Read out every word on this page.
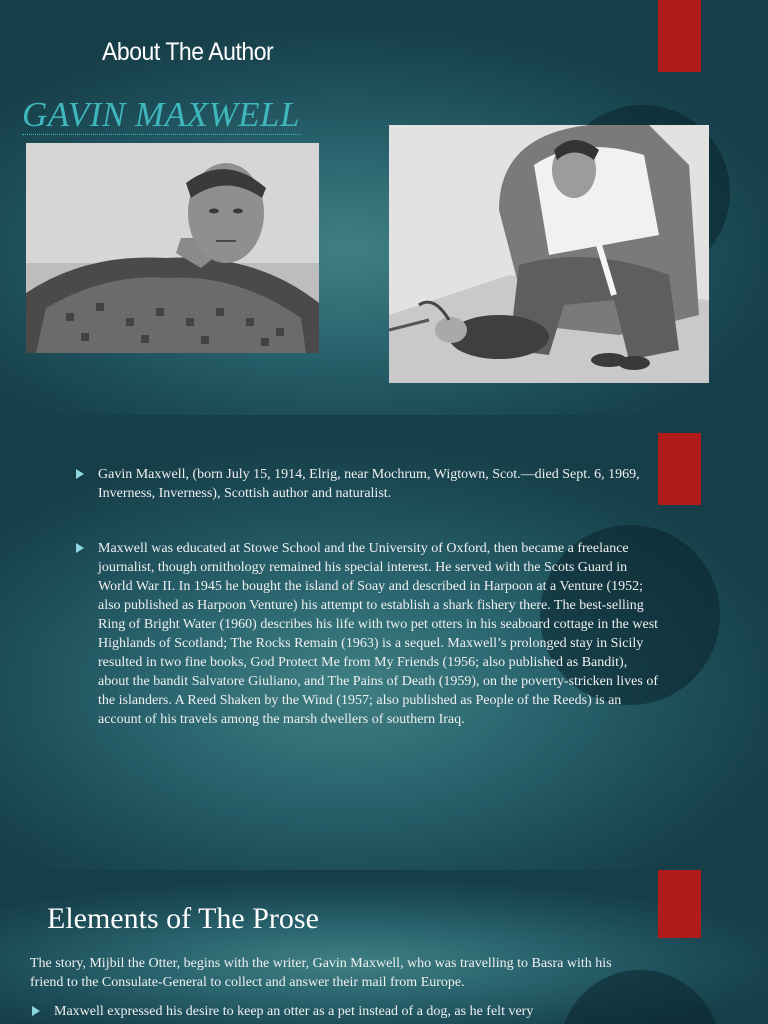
About The Author
GAVIN MAXWELL
Gavin Maxwell, (born July 15, 1914, Elrig, near Mochrum, Wigtown, Scot.—died Sept. 6, 1969, Inverness, Inverness), Scottish author and naturalist.
Maxwell was educated at Stowe School and the University of Oxford, then became a freelance journalist, though ornithology remained his special interest. He served with the Scots Guard in World War II. In 1945 he bought the island of Soay and described in Harpoon at a Venture (1952; also published as Harpoon Venture) his attempt to establish a shark fishery there. The best-selling Ring of Bright Water (1960) describes his life with two pet otters in his seaboard cottage in the west Highlands of Scotland; The Rocks Remain (1963) is a sequel. Maxwell’s prolonged stay in Sicily resulted in two fine books, God Protect Me from My Friends (1956; also published as Bandit), about the bandit Salvatore Giuliano, and The Pains of Death (1959), on the poverty-stricken lives of the islanders. A Reed Shaken by the Wind (1957; also published as People of the Reeds) is an account of his travels among the marsh dwellers of southern Iraq.
Elements of The Prose

The story, Mijbil the Otter, begins with the writer, Gavin Maxwell, who was travelling to Basra with his friend to the Consulate-General to collect and answer their mail from Europe.

Maxwell expressed his desire to keep an otter as a pet instead of a dog, as he felt very
